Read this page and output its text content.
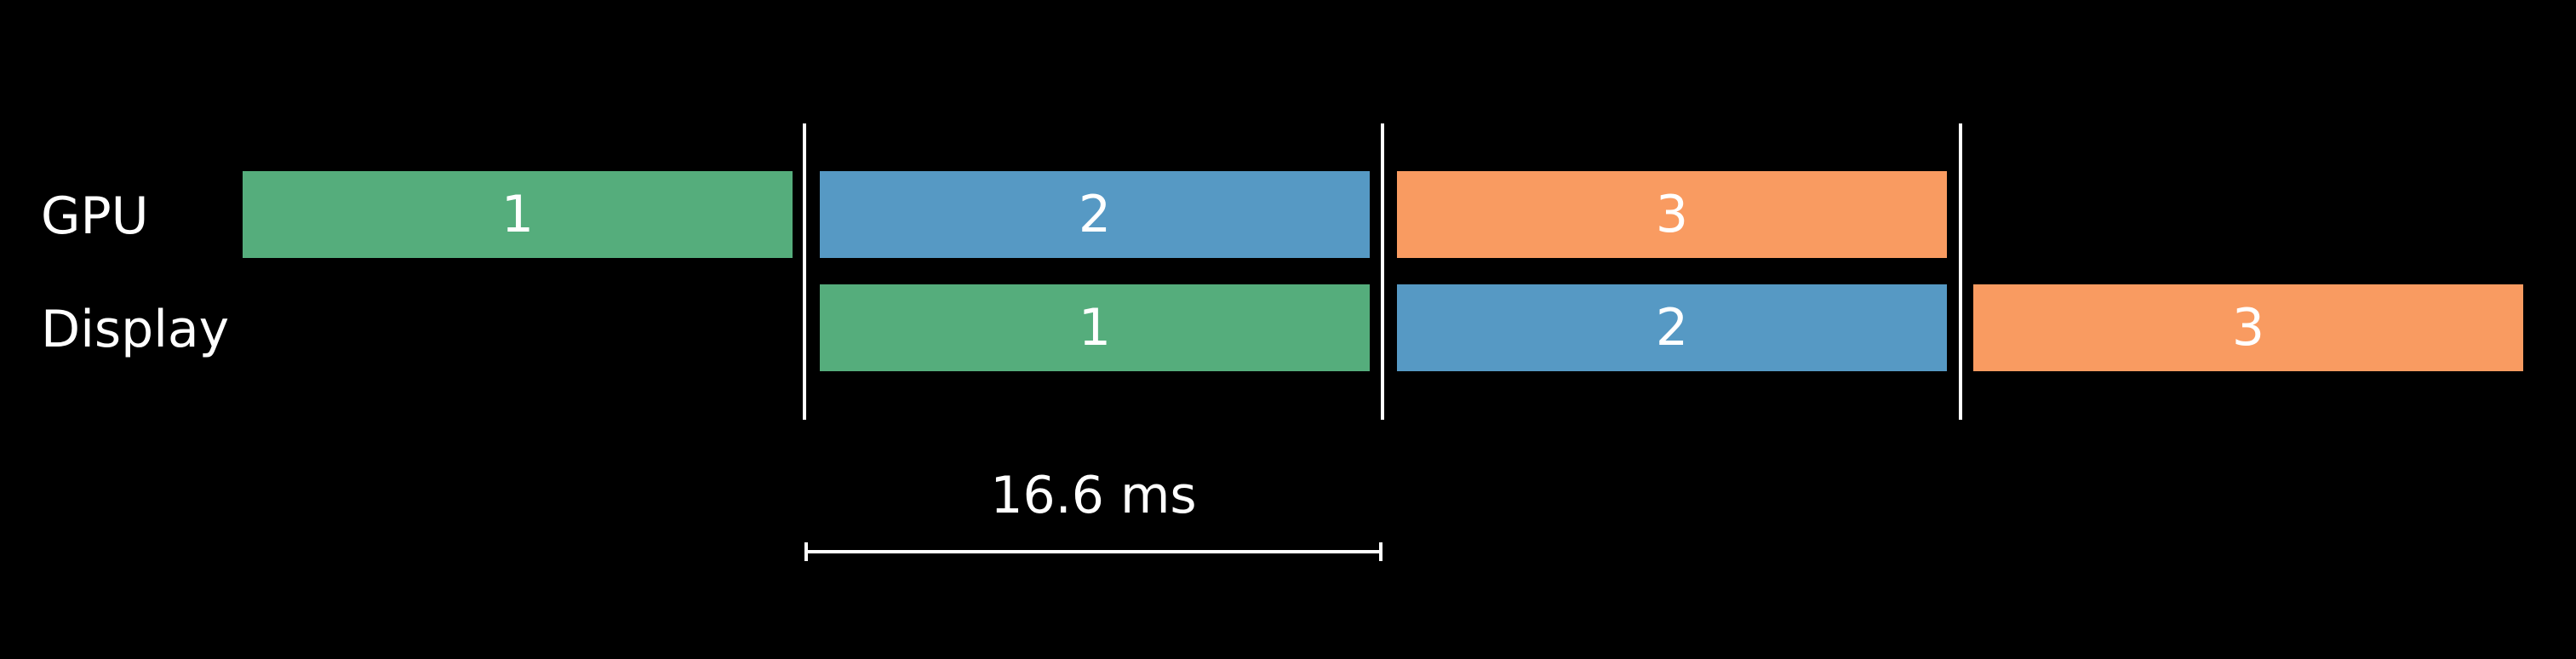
GPU
Display
1	2	3
1	2	3
16.6 ms
